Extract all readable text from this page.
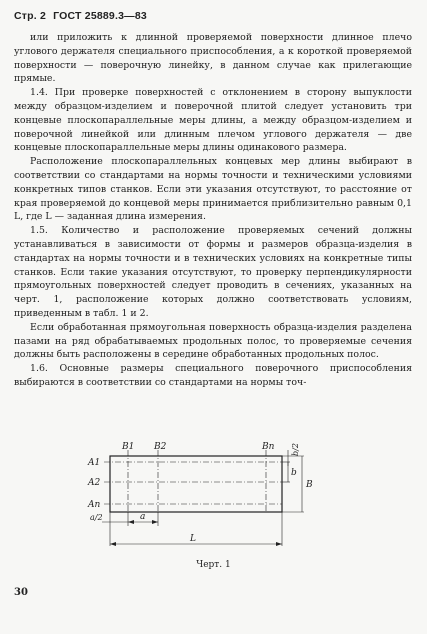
Стр. 2 ГОСТ 25889.3—83

или приложить к длинной проверяемой поверхности длинное плечо углового держателя специального приспособления, а к короткой проверяемой поверхности — поверочную линейку, в данном случае как прилегающие прямые.

1.4. При проверке поверхностей с отклонением в сторону выпуклости между образцом-изделием и поверочной плитой следует установить три концевые плоскопараллельные меры длины, а между образцом-изделием и поверочной линейкой или длинным плечом углового держателя — две концевые плоскопараллельные меры длины одинакового размера.

Расположение плоскопараллельных концевых мер длины выбирают в соответствии со стандартами на нормы точности и техническими условиями конкретных типов станков. Если эти указания отсутствуют, то расстояние от края проверяемой до концевой меры принимается приблизительно равным 0,1 L, где L — заданная длина измерения.

1.5. Количество и расположение проверяемых сечений должны устанавливаться в зависимости от формы и размеров образца-изделия в стандартах на нормы точности и в технических условиях на конкретные типы станков. Если такие указания отсутствуют, то проверку перпендикулярности прямоугольных поверхностей следует проводить в сечениях, указанных на черт. 1, расположение которых должно соответствовать условиям, приведенным в табл. 1 и 2.

Если обработанная прямоугольная поверхность образца-изделия разделена пазами на ряд обрабатываемых продольных полос, то проверяемые сечения должны быть расположены в середине обработанных продольных полос.

1.6. Основные размеры специального поверочного приспособления выбираются в соответствии со стандартами на нормы точ-

B1 B2	Bn
A1
A2
An
b/2
b
B
a/2	a
L
Черт. 1
30
